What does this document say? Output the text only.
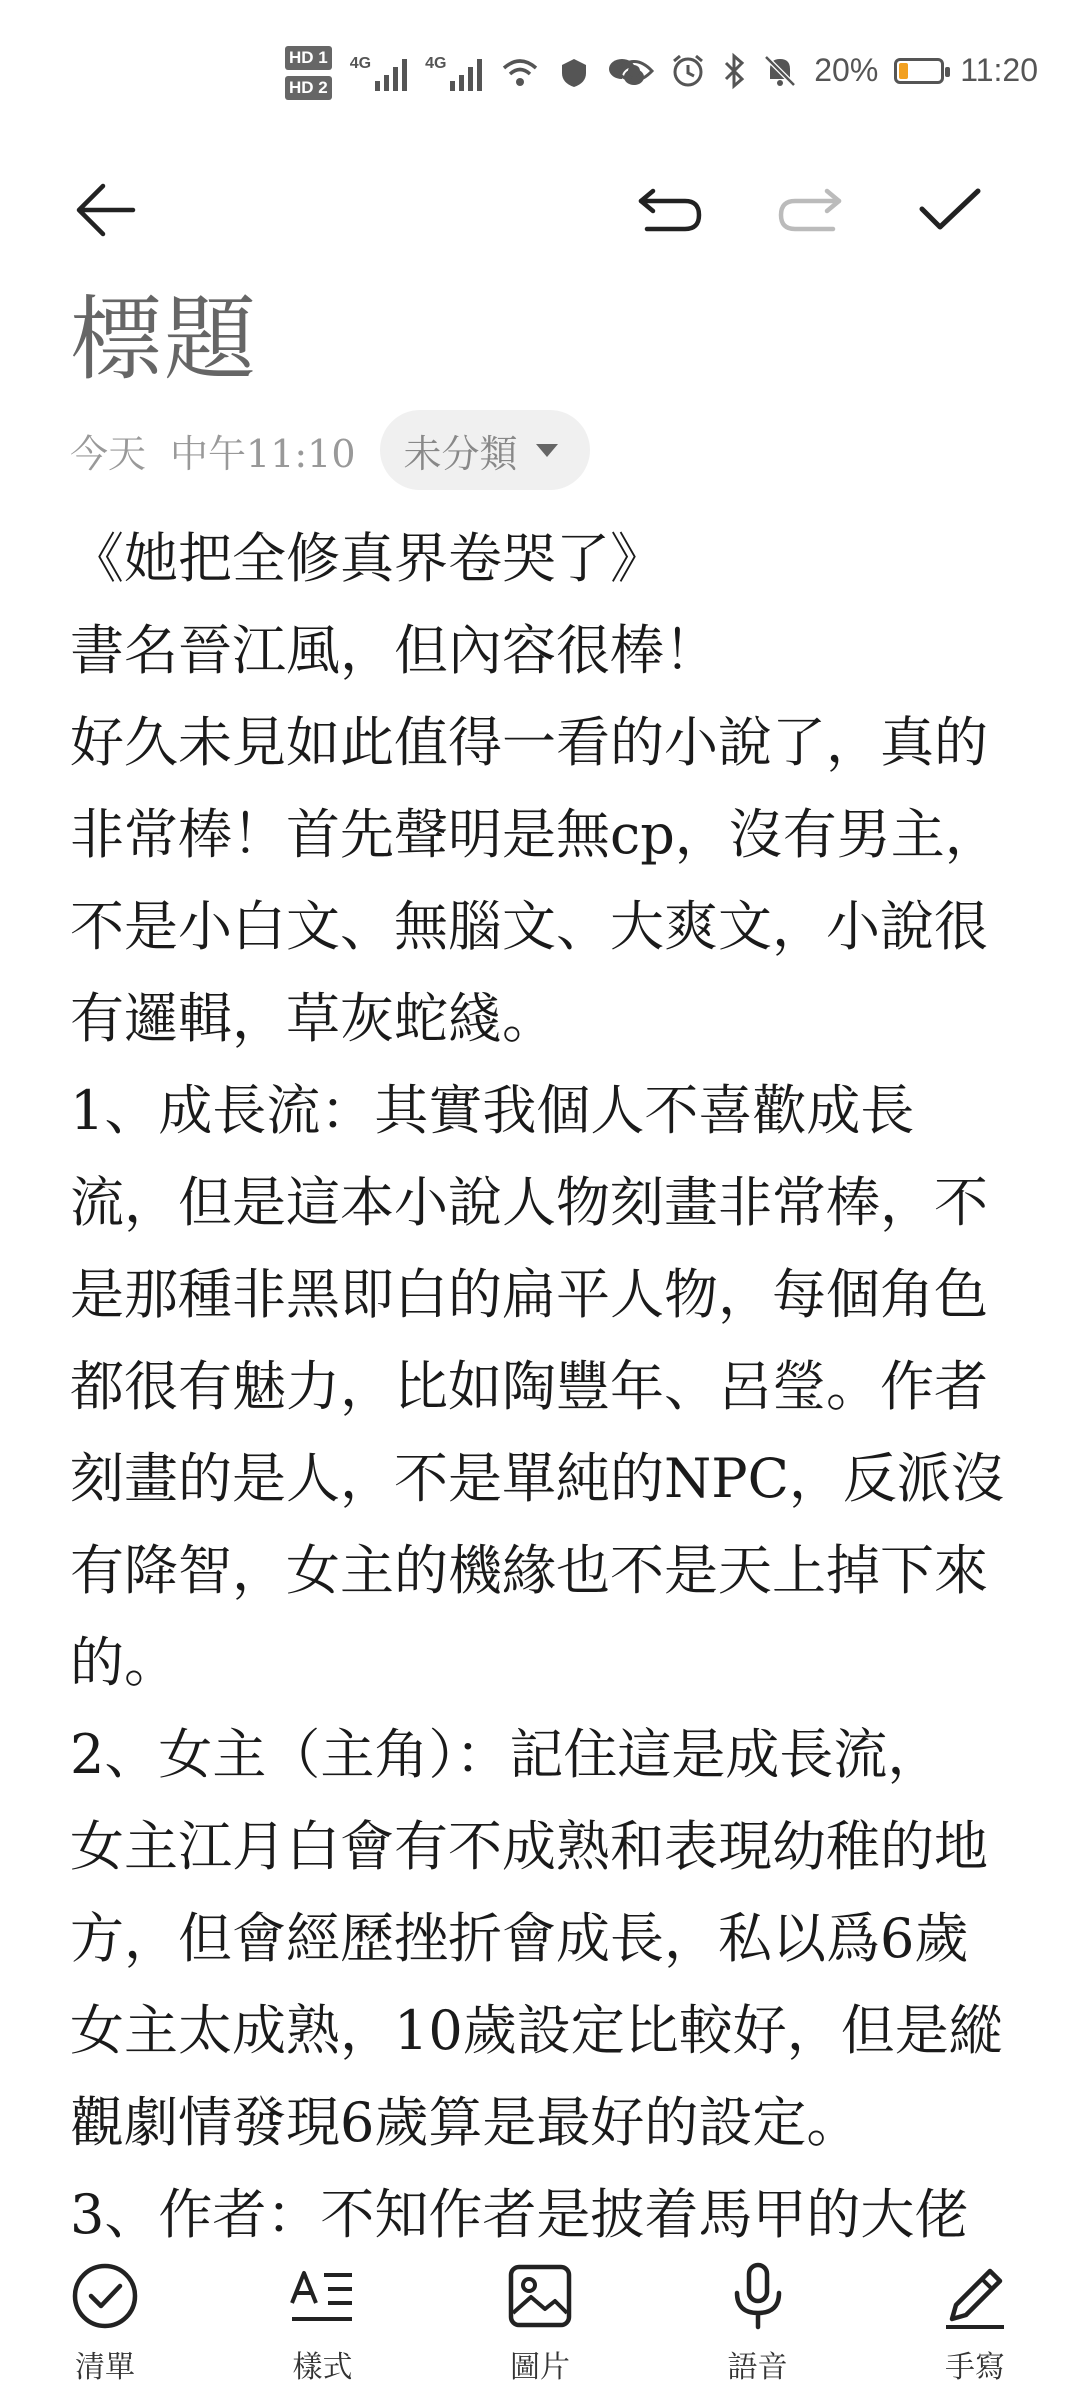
HD 1
HD 2
4G	4G	20%	11:20
標題
今天 中午11:10 未分類
《她把全修真界卷哭了》
書名晉江風，但內容很棒！
好久未見如此值得一看的小說了，真的
非常棒！首先聲明是無cp，沒有男主，
不是小白文、無腦文、大爽文，小說很
有邏輯，草灰蛇綫。
1、成長流：其實我個人不喜歡成長
流，但是這本小說人物刻畫非常棒，不
是那種非黑即白的扁平人物，每個角色
都很有魅力，比如陶豐年、呂瑩。作者
刻畫的是人，不是單純的NPC，反派沒
有降智，女主的機緣也不是天上掉下來
的。
2、女主（主角）：記住這是成長流，
女主江月白會有不成熟和表現幼稚的地
方，但會經歷挫折會成長，私以爲6歲
女主太成熟，10歲設定比較好，但是縱
觀劇情發現6歲算是最好的設定。
3、作者：不知作者是披着馬甲的大佬
清單	樣式	圖片	語音	手寫
